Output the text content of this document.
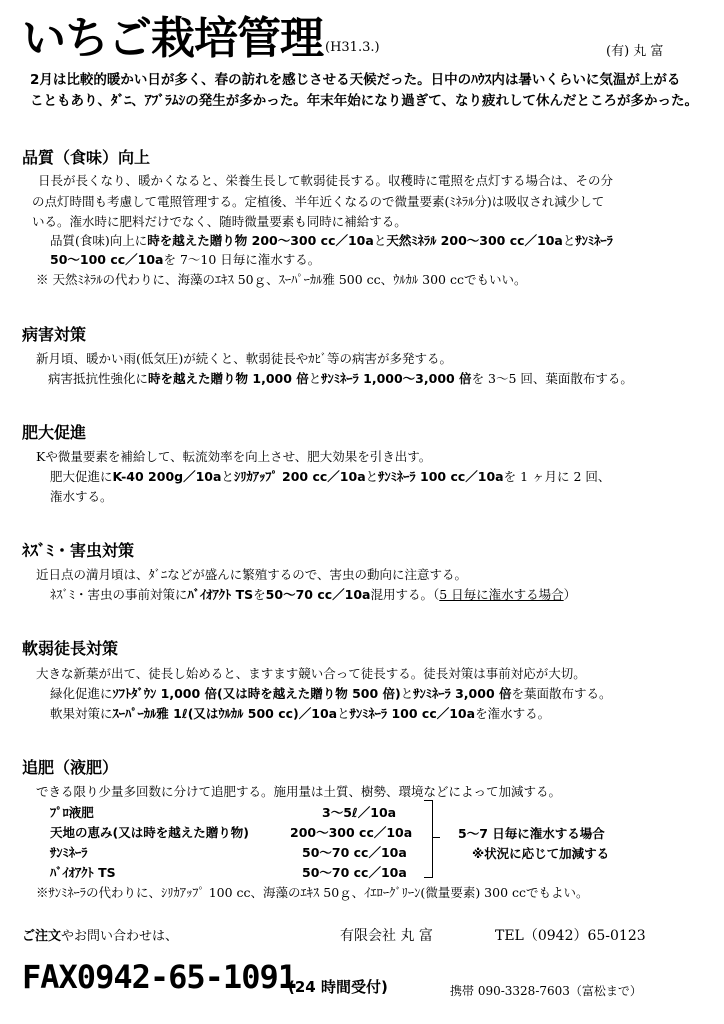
いちご栽培管理 (H31.3.)	(有) 丸 富
2月は比較的暖かい日が多く、春の訪れを感じさせる天候だった。日中のﾊｳｽ内は暑いくらいに気温が上がる
こともあり、ﾀﾞﾆ、ｱﾌﾞﾗﾑｼの発生が多かった。年末年始になり過ぎて、なり疲れして休んだところが多かった。
品質（食味）向上
日長が長くなり、暖かくなると、栄養生長して軟弱徒長する。収穫時に電照を点灯する場合は、その分
の点灯時間も考慮して電照管理する。定植後、半年近くなるので微量要素(ﾐﾈﾗﾙ分)は吸収され減少して
いる。潅水時に肥料だけでなく、随時微量要素も同時に補給する。
品質(食味)向上に時を越えた贈り物 200～300 cc／10aと天然ﾐﾈﾗﾙ 200～300 cc／10aとｻﾝﾐﾈｰﾗ
50～100 cc／10aを 7～10 日毎に潅水する。
※ 天然ﾐﾈﾗﾙの代わりに、海藻のｴｷｽ 50ｇ、ｽｰﾊﾟｰｶﾙ雅 500 cc、ｳﾙｶﾙ 300 ccでもいい。
病害対策
新月頃、暖かい雨(低気圧)が続くと、軟弱徒長やｶﾋﾞ等の病害が多発する。
病害抵抗性強化に時を越えた贈り物 1,000 倍とｻﾝﾐﾈｰﾗ 1,000～3,000 倍を 3～5 回、葉面散布する。
肥大促進
Kや微量要素を補給して、転流効率を向上させ、肥大効果を引き出す。
肥大促進にK-40 200g／10aとｼﾘｶｱｯﾌﾟ 200 cc／10aとｻﾝﾐﾈｰﾗ 100 cc／10aを 1 ヶ月に 2 回、
潅水する。
ﾈｽﾞﾐ・害虫対策
近日点の満月頃は、ﾀﾞﾆなどが盛んに繁殖するので、害虫の動向に注意する。
ﾈｽﾞﾐ・害虫の事前対策にﾊﾞｲｵｱｸﾄ TSを50～70 cc／10a混用する。（5 日毎に潅水する場合）
軟弱徒長対策
大きな新葉が出て、徒長し始めると、ますます競い合って徒長する。徒長対策は事前対応が大切。
緑化促進にｿﾌﾄﾀﾞｳﾝ 1,000 倍(又は時を越えた贈り物 500 倍)とｻﾝﾐﾈｰﾗ 3,000 倍を葉面散布する。
軟果対策にｽｰﾊﾟｰｶﾙ雅 1ℓ(又はｳﾙｶﾙ 500 cc)／10aとｻﾝﾐﾈｰﾗ 100 cc／10aを潅水する。
追肥（液肥）
できる限り少量多回数に分けて追肥する。施用量は土質、樹勢、環境などによって加減する。
ﾌﾟﾛ液肥	3～5ℓ／10a
天地の恵み(又は時を越えた贈り物)	200～300 cc／10a
ｻﾝﾐﾈｰﾗ	50～70 cc／10a
ﾊﾞｲｵｱｸﾄ TS	50～70 cc／10a
5～7 日毎に潅水する場合
※状況に応じて加減する
※ｻﾝﾐﾈｰﾗの代わりに、ｼﾘｶｱｯﾌﾟ 100 cc、海藻のｴｷｽ 50ｇ、ｲｴﾛｰｸﾞﾘｰﾝ(微量要素) 300 ccでもよい。
ご注文やお問い合わせは、	有限会社 丸 富	TEL（0942）65-0123
FAX0942-65-1091
(24 時間受付)	携帯 090-3328-7603（富松まで）
